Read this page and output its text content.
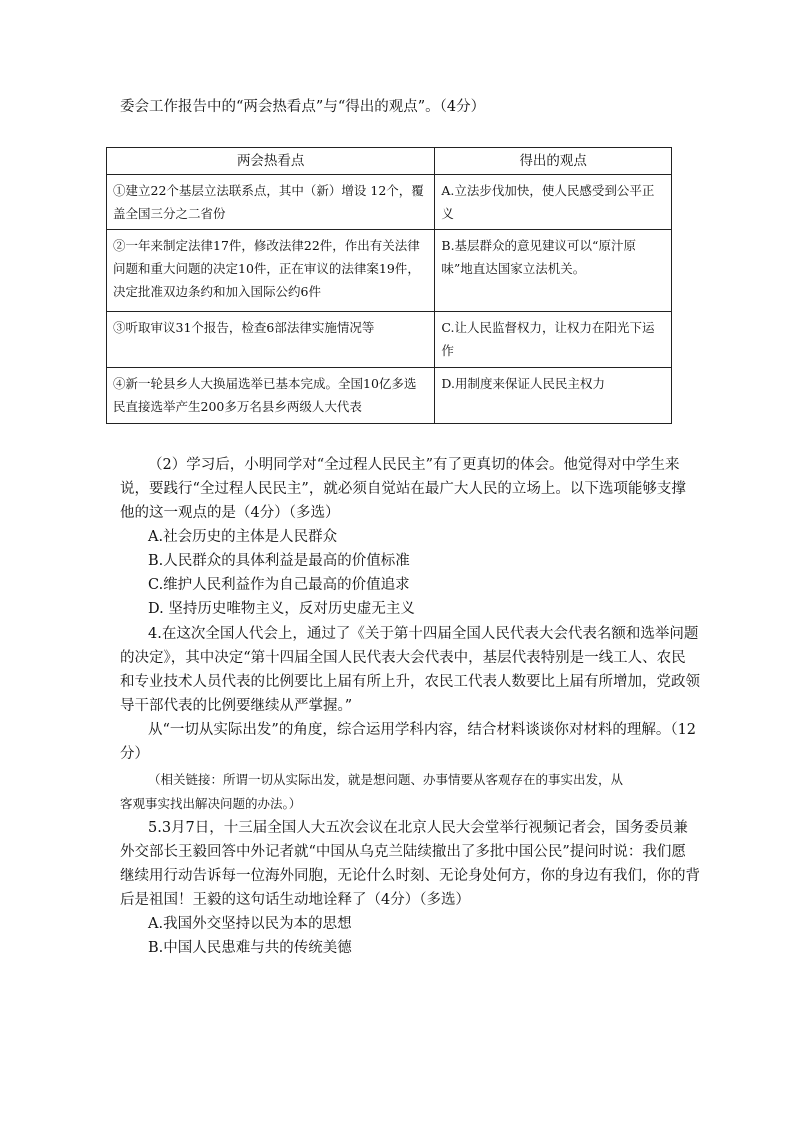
委会工作报告中的“两会热看点”与“得出的观点”。（4分）
两会热看点	得出的观点
①建立22个基层立法联系点，其中（新）增设 12个，覆盖全国三分之二省份	A.立法步伐加快，使人民感受到公平正义
②一年来制定法律17件，修改法律22件，作出有关法律问题和重大问题的决定10件，正在审议的法律案19件，决定批准双边条约和加入国际公约6件	B.基层群众的意见建议可以“原汁原味”地直达国家立法机关。
③听取审议31个报告，检查6部法律实施情况等	C.让人民监督权力，让权力在阳光下运作
④新一轮县乡人大换届选举已基本完成。全国10亿多选民直接选举产生200多万名县乡两级人大代表	D.用制度来保证人民民主权力
（2）学习后，小明同学对“全过程人民民主”有了更真切的体会。他觉得对中学生来
说，要践行“全过程人民民主”，就必须自觉站在最广大人民的立场上。以下选项能够支撑
他的这一观点的是（4分）（多选）
A.社会历史的主体是人民群众
B.人民群众的具体利益是最高的价值标准
C.维护人民利益作为自己最高的价值追求
D. 坚持历史唯物主义，反对历史虚无主义
4.在这次全国人代会上，通过了《关于第十四届全国人民代表大会代表名额和选举问题
的决定》，其中决定“第十四届全国人民代表大会代表中，基层代表特别是一线工人、农民
和专业技术人员代表的比例要比上届有所上升，农民工代表人数要比上届有所增加，党政领
导干部代表的比例要继续从严掌握。”
从“一切从实际出发”的角度，综合运用学科内容，结合材料谈谈你对材料的理解。（12
分）
（相关链接：所谓一切从实际出发，就是想问题、办事情要从客观存在的事实出发，从
客观事实找出解决问题的办法。）
5.3月7日，十三届全国人大五次会议在北京人民大会堂举行视频记者会，国务委员兼
外交部长王毅回答中外记者就“中国从乌克兰陆续撤出了多批中国公民”提问时说：我们愿
继续用行动告诉每一位海外同胞，无论什么时刻、无论身处何方，你的身边有我们，你的背
后是祖国！王毅的这句话生动地诠释了（4分）（多选）
A.我国外交坚持以民为本的思想
B.中国人民患难与共的传统美德
